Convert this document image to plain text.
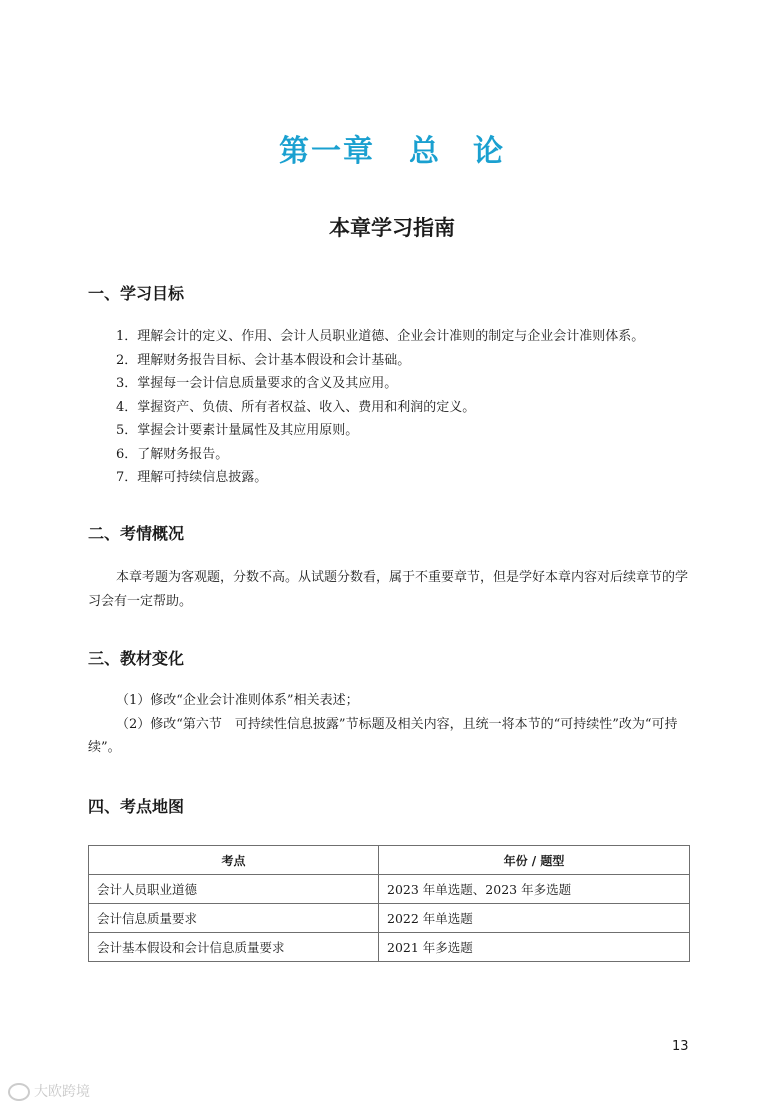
第一章 总　论
本章学习指南
一、学习目标

1．理解会计的定义、作用、会计人员职业道德、企业会计准则的制定与企业会计准则体系。

2．理解财务报告目标、会计基本假设和会计基础。

3．掌握每一会计信息质量要求的含义及其应用。

4．掌握资产、负债、所有者权益、收入、费用和利润的定义。

5．掌握会计要素计量属性及其应用原则。

6．了解财务报告。

7．理解可持续信息披露。

二、考情概况

本章考题为客观题，分数不高。从试题分数看，属于不重要章节，但是学好本章内容对后续章节的学习会有一定帮助。

三、教材变化

（1）修改“企业会计准则体系”相关表述；

（2）修改“第六节　可持续性信息披露”节标题及相关内容，且统一将本节的“可持续性”改为“可持续”。

四、考点地图
考点	年份 / 题型
会计人员职业道德	2023 年单选题、2023 年多选题
会计信息质量要求	2022 年单选题
会计基本假设和会计信息质量要求	2021 年多选题
13
大欧跨境
